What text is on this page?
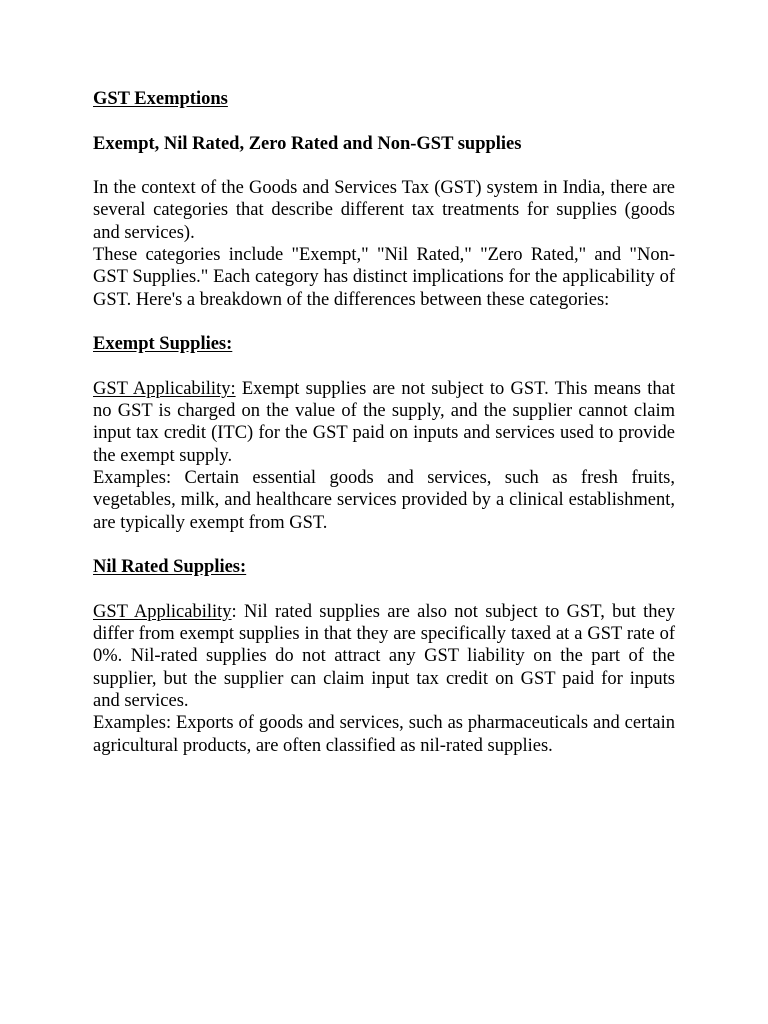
GST Exemptions

Exempt, Nil Rated, Zero Rated and Non-GST supplies

In the context of the Goods and Services Tax (GST) system in India, there are several categories that describe different tax treatments for supplies (goods and services).

These categories include "Exempt," "Nil Rated," "Zero Rated," and "Non-GST Supplies." Each category has distinct implications for the applicability of GST. Here's a breakdown of the differences between these categories:

Exempt Supplies:

GST Applicability: Exempt supplies are not subject to GST. This means that no GST is charged on the value of the supply, and the supplier cannot claim input tax credit (ITC) for the GST paid on inputs and services used to provide the exempt supply.

Examples: Certain essential goods and services, such as fresh fruits, vegetables, milk, and healthcare services provided by a clinical establishment, are typically exempt from GST.

Nil Rated Supplies:

GST Applicability: Nil rated supplies are also not subject to GST, but they differ from exempt supplies in that they are specifically taxed at a GST rate of 0%. Nil-rated supplies do not attract any GST liability on the part of the supplier, but the supplier can claim input tax credit on GST paid for inputs and services.

Examples: Exports of goods and services, such as pharmaceuticals and certain agricultural products, are often classified as nil-rated supplies.
